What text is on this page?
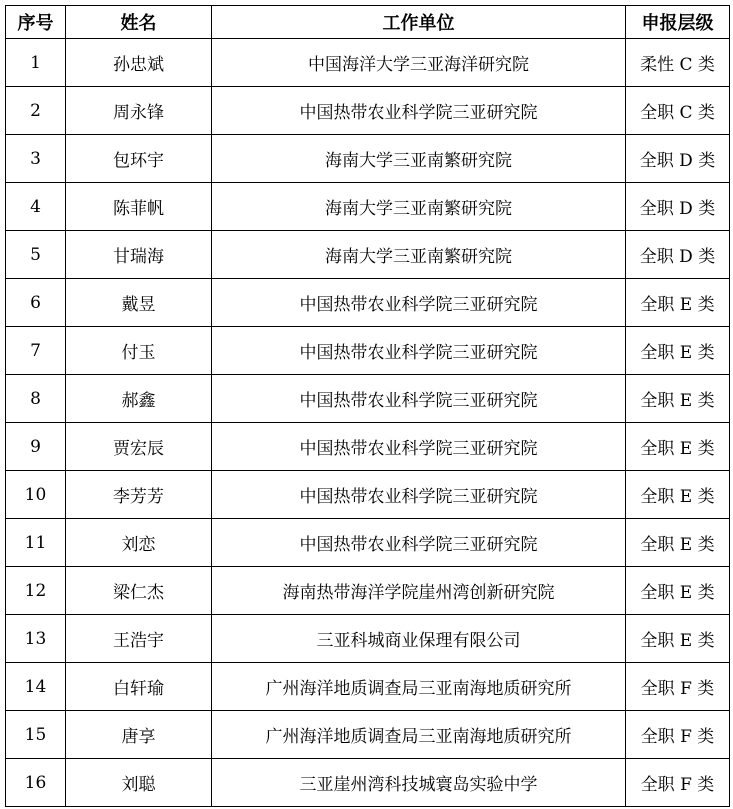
序号	姓名	工作单位	申报层级
1	孙忠斌	中国海洋大学三亚海洋研究院	柔性 C 类
2	周永锋	中国热带农业科学院三亚研究院	全职 C 类
3	包环宇	海南大学三亚南繁研究院	全职 D 类
4	陈菲帆	海南大学三亚南繁研究院	全职 D 类
5	甘瑞海	海南大学三亚南繁研究院	全职 D 类
6	戴昱	中国热带农业科学院三亚研究院	全职 E 类
7	付玉	中国热带农业科学院三亚研究院	全职 E 类
8	郝鑫	中国热带农业科学院三亚研究院	全职 E 类
9	贾宏辰	中国热带农业科学院三亚研究院	全职 E 类
10	李芳芳	中国热带农业科学院三亚研究院	全职 E 类
11	刘恋	中国热带农业科学院三亚研究院	全职 E 类
12	梁仁杰	海南热带海洋学院崖州湾创新研究院	全职 E 类
13	王浩宇	三亚科城商业保理有限公司	全职 E 类
14	白轩瑜	广州海洋地质调查局三亚南海地质研究所	全职 F 类
15	唐享	广州海洋地质调查局三亚南海地质研究所	全职 F 类
16	刘聪	三亚崖州湾科技城寰岛实验中学	全职 F 类
